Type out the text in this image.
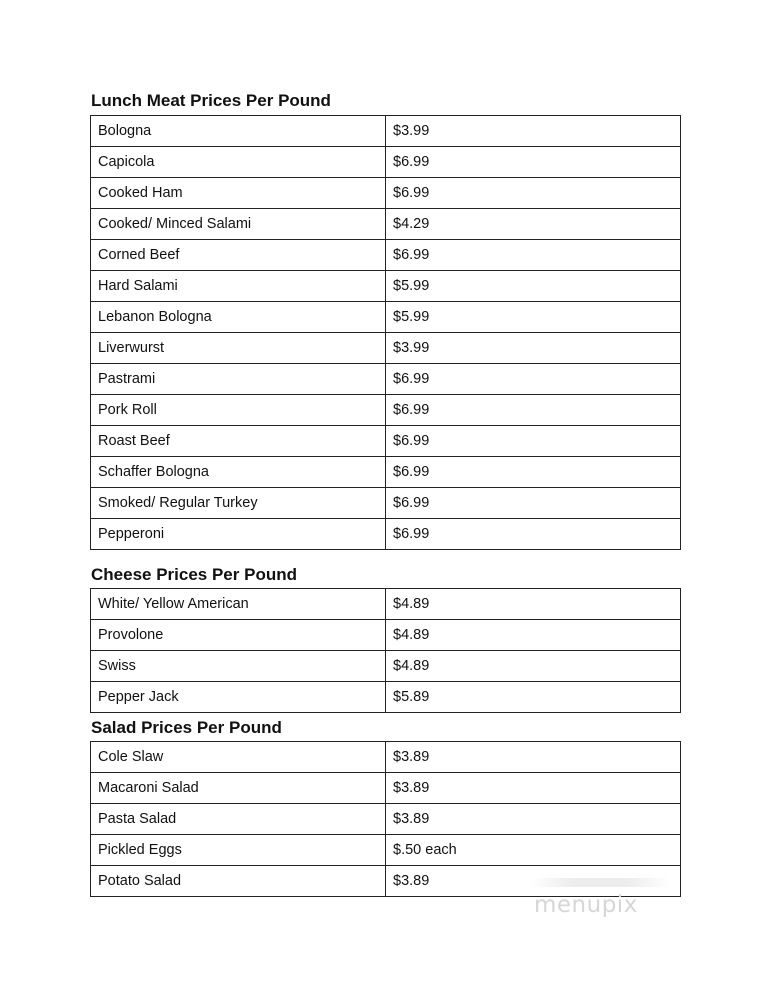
Lunch Meat Prices Per Pound
Bologna	$3.99
Capicola	$6.99
Cooked Ham	$6.99
Cooked/ Minced Salami	$4.29
Corned Beef	$6.99
Hard Salami	$5.99
Lebanon Bologna	$5.99
Liverwurst	$3.99
Pastrami	$6.99
Pork Roll	$6.99
Roast Beef	$6.99
Schaffer Bologna	$6.99
Smoked/ Regular Turkey	$6.99
Pepperoni	$6.99
Cheese Prices Per Pound
White/ Yellow American	$4.89
Provolone	$4.89
Swiss	$4.89
Pepper Jack	$5.89
Salad Prices Per Pound
Cole Slaw	$3.89
Macaroni Salad	$3.89
Pasta Salad	$3.89
Pickled Eggs	$.50 each
Potato Salad	$3.89
menupix
